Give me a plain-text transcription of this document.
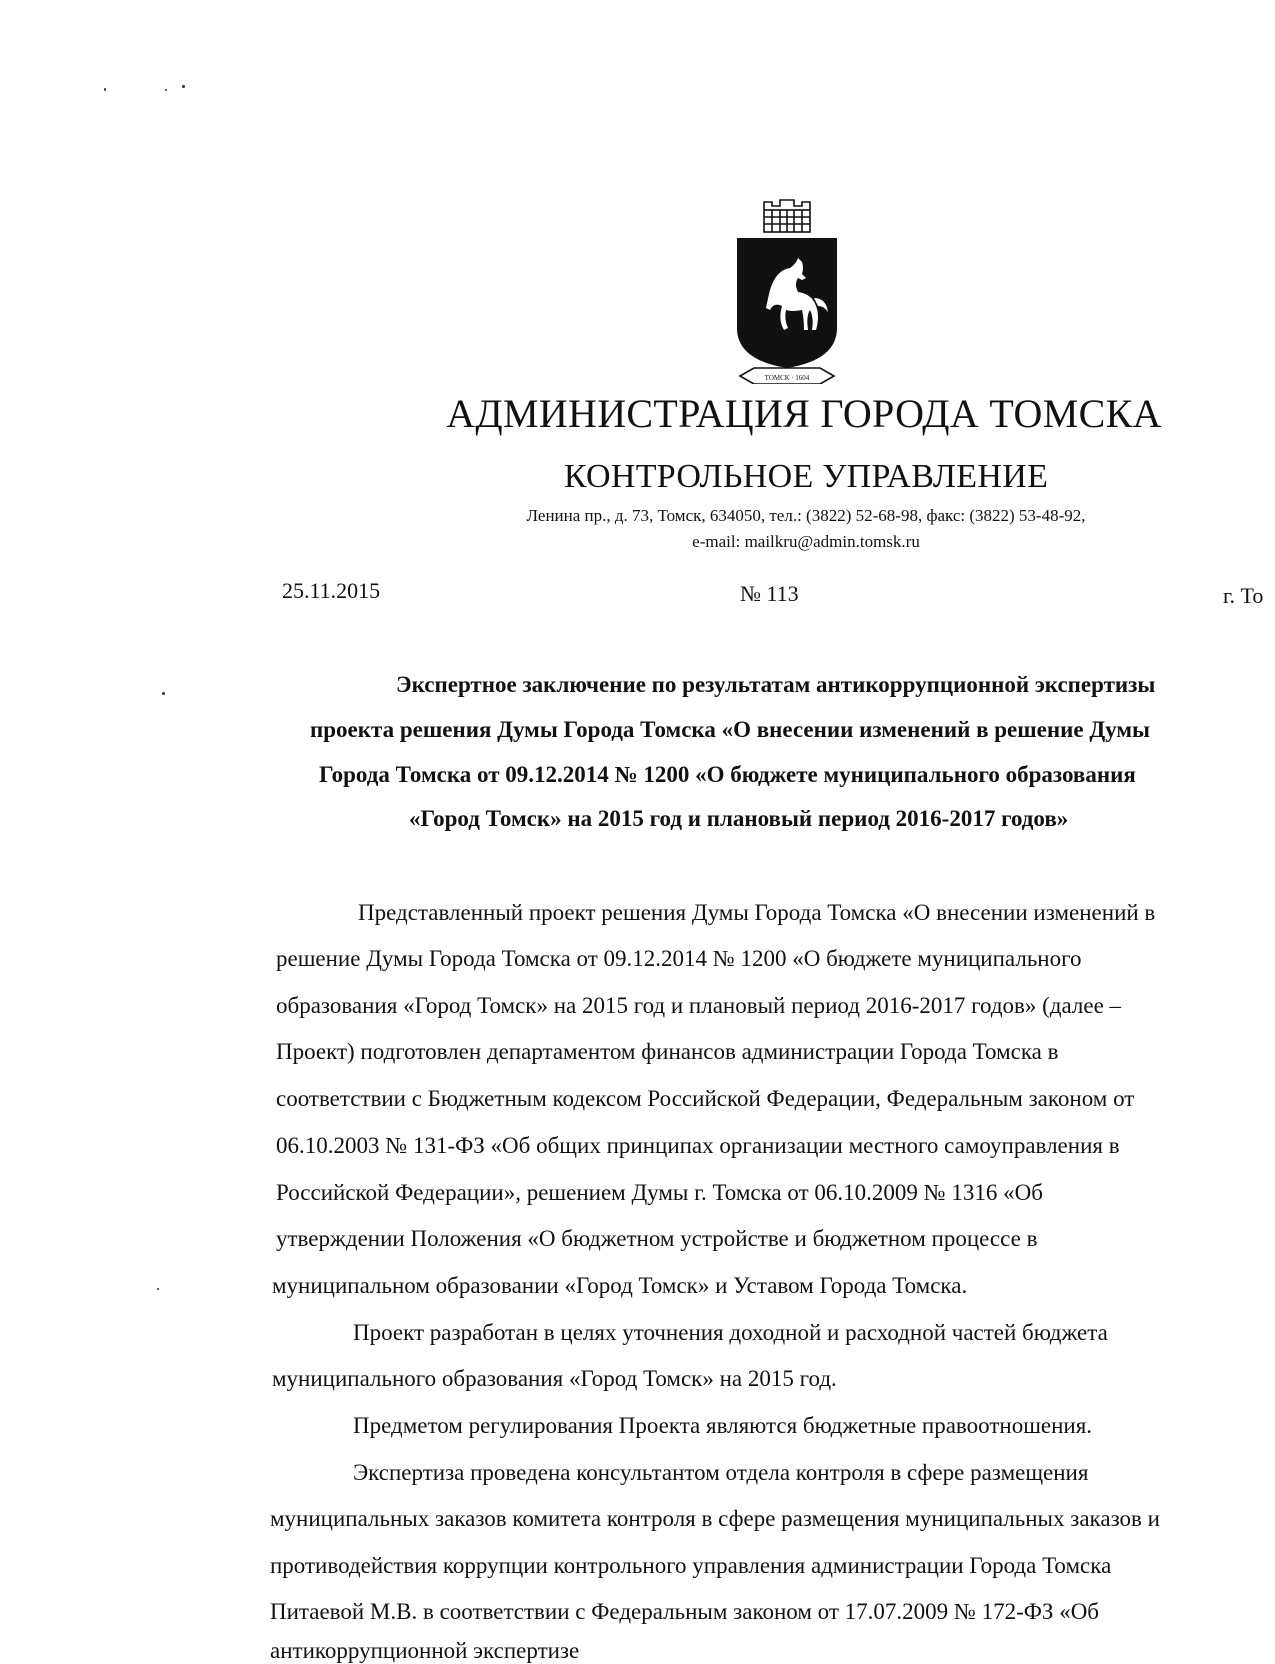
ТОМСК · 1604
АДМИНИСТРАЦИЯ ГОРОДА ТОМСКА
КОНТРОЛЬНОЕ УПРАВЛЕНИЕ
Ленина пр., д. 73, Томск, 634050, тел.: (3822) 52-68-98, факс: (3822) 53-48-92,
e-mail: mailkru@admin.tomsk.ru
25.11.2015	№ 113	г. То
Экспертное заключение по результатам антикоррупционной экспертизы
проекта решения Думы Города Томска «О внесении изменений в решение Думы
Города Томска от 09.12.2014 № 1200 «О бюджете муниципального образования
«Город Томск» на 2015 год и плановый период 2016-2017 годов»
Представленный проект решения Думы Города Томска «О внесении изменений в
решение Думы Города Томска от 09.12.2014 № 1200 «О бюджете муниципального
образования «Город Томск» на 2015 год и плановый период 2016-2017 годов» (далее –
Проект) подготовлен департаментом финансов администрации Города Томска в
соответствии с Бюджетным кодексом Российской Федерации, Федеральным законом от
06.10.2003 № 131-ФЗ «Об общих принципах организации местного самоуправления в
Российской Федерации», решением Думы г. Томска от 06.10.2009 № 1316 «Об
утверждении Положения «О бюджетном устройстве и бюджетном процессе в
муниципальном образовании «Город Томск» и Уставом Города Томска.
Проект разработан в целях уточнения доходной и расходной частей бюджета
муниципального образования «Город Томск» на 2015 год.
Предметом регулирования Проекта являются бюджетные правоотношения.
Экспертиза проведена консультантом отдела контроля в сфере размещения
муниципальных заказов комитета контроля в сфере размещения муниципальных заказов и
противодействия коррупции контрольного управления администрации Города Томска
Питаевой М.В. в соответствии с Федеральным законом от 17.07.2009 № 172-ФЗ «Об
антикоррупционной экспертизе
